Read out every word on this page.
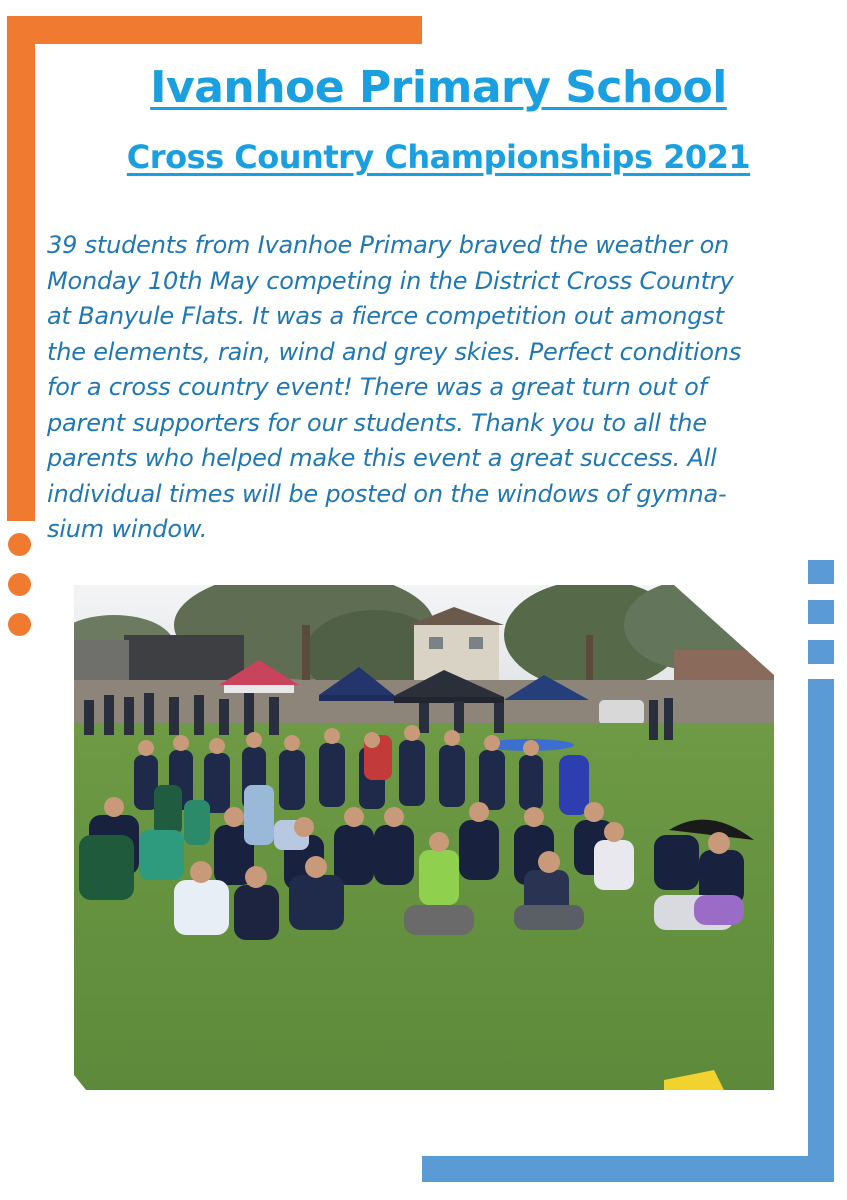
Ivanhoe Primary School
Cross Country Championships 2021

39 students from Ivanhoe Primary braved the weather on
Monday 10th May competing in the District Cross Country
at Banyule Flats. It was a fierce competition out amongst
the elements, rain, wind and grey skies. Perfect conditions
for a cross country event! There was a great turn out of
parent supporters for our students. Thank you to all the
parents who helped make this event a great success. All
individual times will be posted on the windows of gymna-
sium window.
